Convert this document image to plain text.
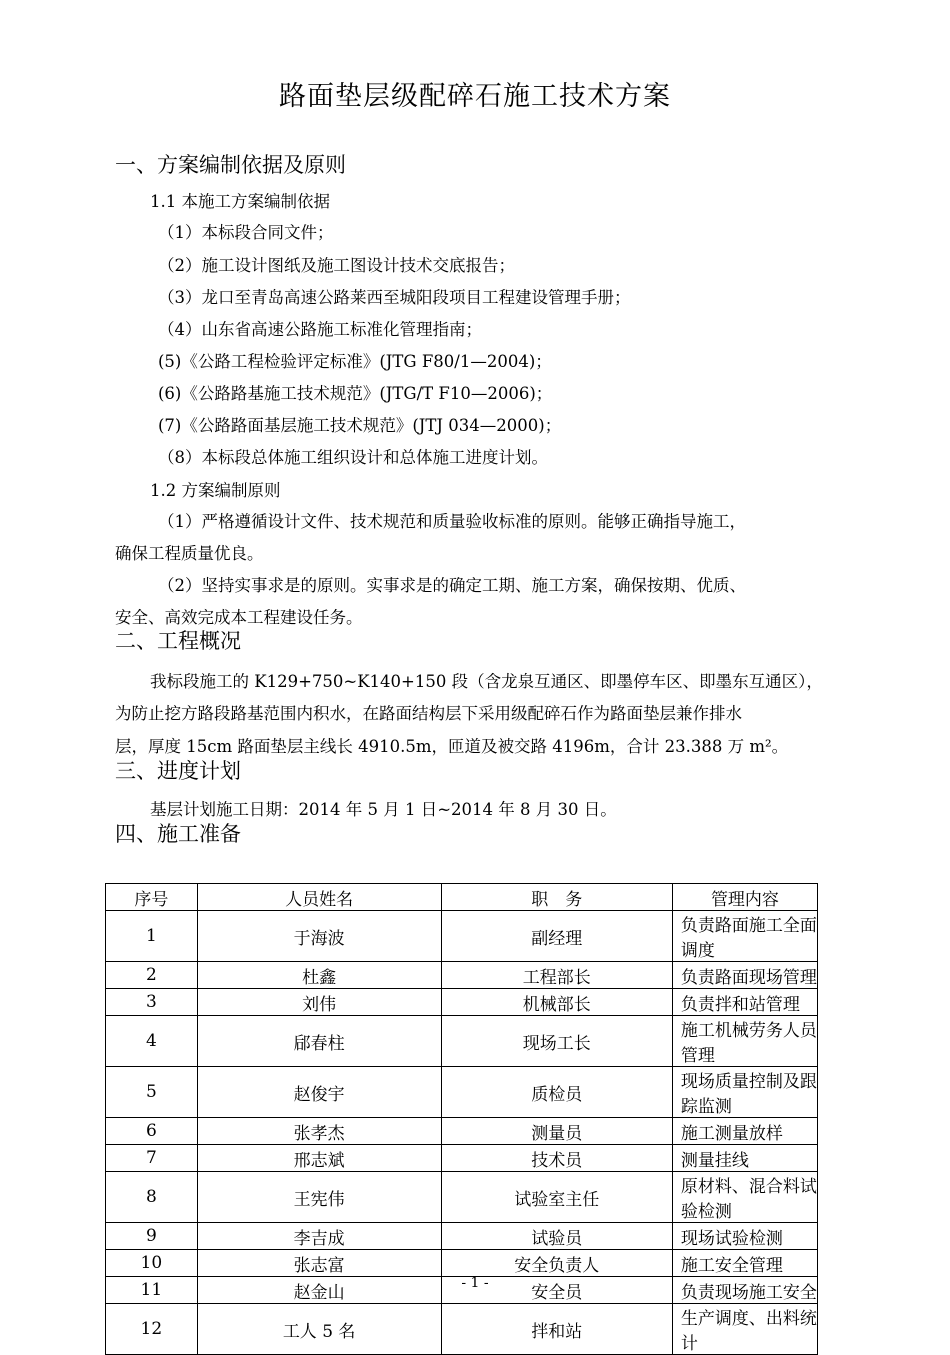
路面垫层级配碎石施工技术方案
一、方案编制依据及原则
1.1 本施工方案编制依据
（1）本标段合同文件；
（2）施工设计图纸及施工图设计技术交底报告；
（3）龙口至青岛高速公路莱西至城阳段项目工程建设管理手册；
（4）山东省高速公路施工标准化管理指南；
(5)《公路工程检验评定标准》(JTG F80/1—2004)；
(6)《公路路基施工技术规范》(JTG/T F10—2006)；
(7)《公路路面基层施工技术规范》(JTJ 034—2000)；
（8）本标段总体施工组织设计和总体施工进度计划。
1.2 方案编制原则
（1）严格遵循设计文件、技术规范和质量验收标准的原则。能够正确指导施工，
确保工程质量优良。
（2）坚持实事求是的原则。实事求是的确定工期、施工方案，确保按期、优质、
安全、高效完成本工程建设任务。
二、工程概况
我标段施工的 K129+750~K140+150 段（含龙泉互通区、即墨停车区、即墨东互通区），
为防止挖方路段路基范围内积水，在路面结构层下采用级配碎石作为路面垫层兼作排水
层，厚度 15cm 路面垫层主线长 4910.5m，匝道及被交路 4196m，合计 23.388 万 m²。
三、进度计划
基层计划施工日期：2014 年 5 月 1 日~2014 年 8 月 30 日。
四、施工准备
序号	人员姓名	职　务	管理内容
1	于海波	副经理	负责路面施工全面调度
2	杜鑫	工程部长	负责路面现场管理
3	刘伟	机械部长	负责拌和站管理
4	郈春柱	现场工长	施工机械劳务人员管理
5	赵俊宇	质检员	现场质量控制及跟踪监测
6	张孝杰	测量员	施工测量放样
7	邢志斌	技术员	测量挂线
8	王宪伟	试验室主任	原材料、混合料试验检测
9	李吉成	试验员	现场试验检测
10	张志富	安全负责人	施工安全管理
11	赵金山	安全员	负责现场施工安全
12	工人 5 名	拌和站	生产调度、出料统计
- 1 -
